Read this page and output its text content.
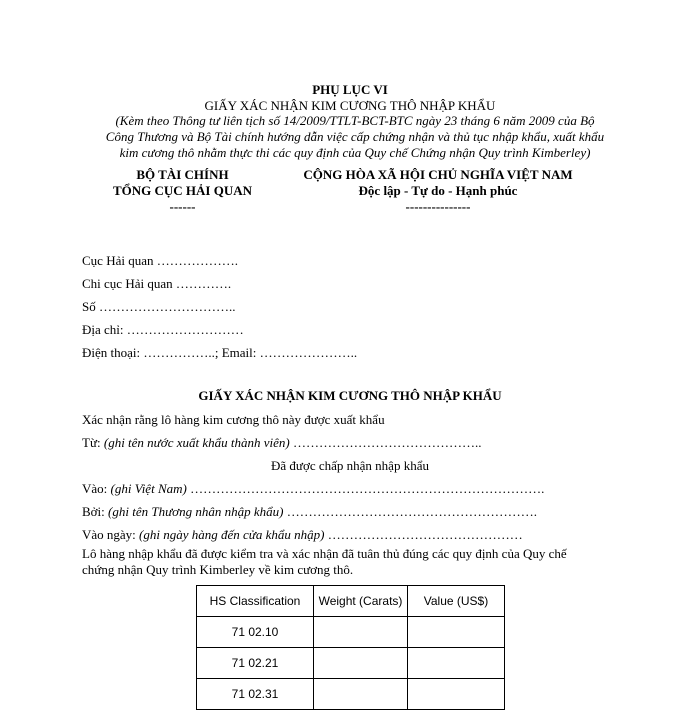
PHỤ LỤC VI
GIẤY XÁC NHẬN KIM CƯƠNG THÔ NHẬP KHẨU
(Kèm theo Thông tư liên tịch số 14/2009/TTLT-BCT-BTC ngày 23 tháng 6 năm 2009 của Bộ
Công Thương và Bộ Tài chính hướng dẫn việc cấp chứng nhận và thủ tục nhập khẩu, xuất khẩu
kim cương thô nhằm thực thi các quy định của Quy chế Chứng nhận Quy trình Kimberley)
BỘ TÀI CHÍNH
TỔNG CỤC HẢI QUAN
------
CỘNG HÒA XÃ HỘI CHỦ NGHĨA VIỆT NAM
Độc lập - Tự do - Hạnh phúc
---------------
Cục Hải quan ……………….
Chi cục Hải quan ………….
Số …………………………..
Địa chỉ: ………………………
Điện thoại: ……………..; Email: …………………..
GIẤY XÁC NHẬN KIM CƯƠNG THÔ NHẬP KHẨU
Xác nhận rằng lô hàng kim cương thô này được xuất khẩu
Từ: (ghi tên nước xuất khẩu thành viên) ……………………………………..
Đã được chấp nhận nhập khẩu
Vào: (ghi Việt Nam) ……………………………………………………………………….
Bởi: (ghi tên Thương nhân nhập khẩu) ………………………………………………….
Vào ngày: (ghi ngày hàng đến cửa khẩu nhập) ………………………………………
Lô hàng nhập khẩu đã được kiểm tra và xác nhận đã tuân thủ đúng các quy định của Quy chế
chứng nhận Quy trình Kimberley về kim cương thô.
HS Classification	Weight (Carats)	Value (US$)
71 02.10		
71 02.21		
71 02.31		
